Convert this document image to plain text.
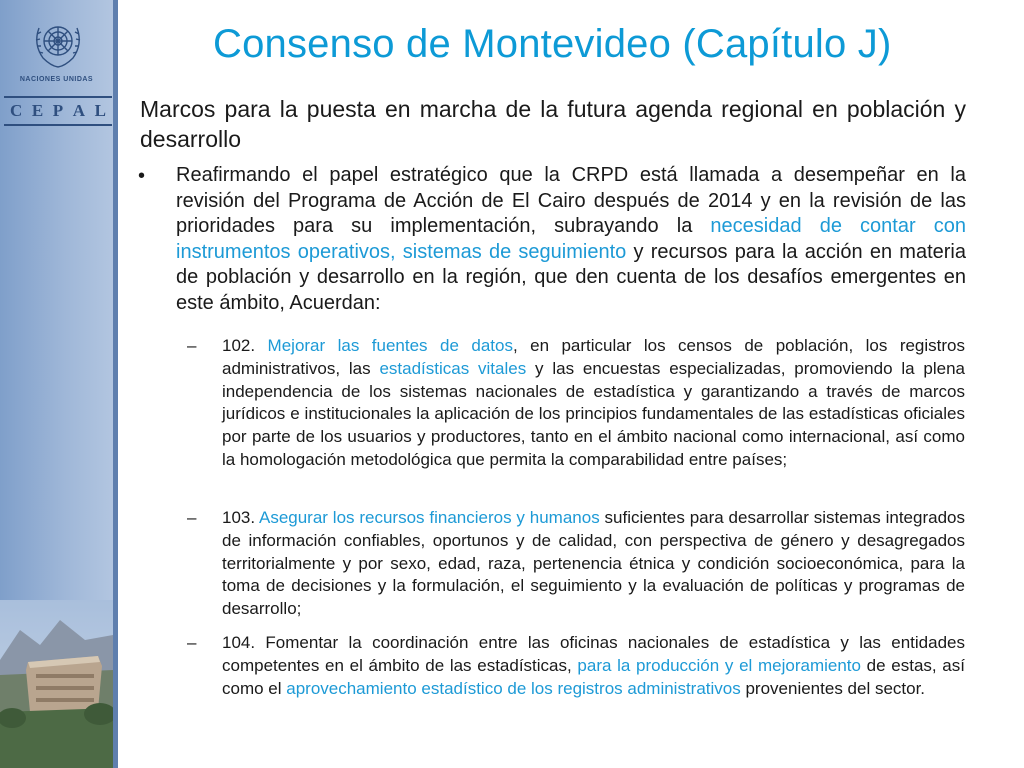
NACIONES UNIDAS
C E P A L
Consenso de Montevideo (Capítulo J)

Marcos para la puesta en marcha de la futura agenda regional en población y desarrollo

• Reafirmando el papel estratégico que la CRPD está llamada a desempeñar en la revisión del Programa de Acción de El Cairo después de 2014 y en la revisión de las prioridades para su implementación, subrayando la necesidad de contar con instrumentos operativos, sistemas de seguimiento y recursos para la acción en materia de población y desarrollo en la región, que den cuenta de los desafíos emergentes en este ámbito, Acuerdan:

– 102. Mejorar las fuentes de datos, en particular los censos de población, los registros administrativos, las estadísticas vitales y las encuestas especializadas, promoviendo la plena independencia de los sistemas nacionales de estadística y garantizando a través de marcos jurídicos e institucionales la aplicación de los principios fundamentales de las estadísticas oficiales por parte de los usuarios y productores, tanto en el ámbito nacional como internacional, así como la homologación metodológica que permita la comparabilidad entre países;

– 103. Asegurar los recursos financieros y humanos suficientes para desarrollar sistemas integrados de información confiables, oportunos y de calidad, con perspectiva de género y desagregados territorialmente y por sexo, edad, raza, pertenencia étnica y condición socioeconómica, para la toma de decisiones y la formulación, el seguimiento y la evaluación de políticas y programas de desarrollo;

– 104. Fomentar la coordinación entre las oficinas nacionales de estadística y las entidades competentes en el ámbito de las estadísticas, para la producción y el mejoramiento de estas, así como el aprovechamiento estadístico de los registros administrativos provenientes del sector.
